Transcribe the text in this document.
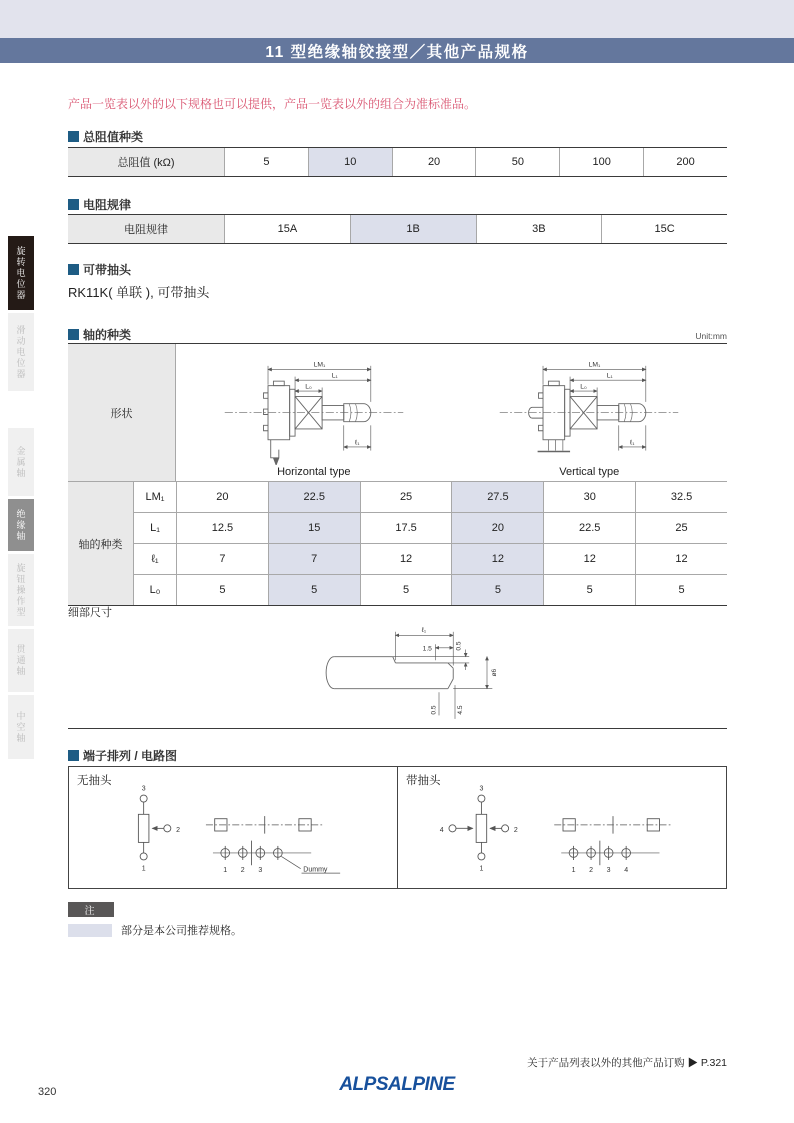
11 型绝缘轴铰接型／其他产品规格
产品一览表以外的以下规格也可以提供，产品一览表以外的组合为准标准品。
旋转电位器
滑动电位器
金属轴
绝缘轴
旋钮操作型
贯通轴
中空轴
总阻值种类
总阻值 (kΩ)	5	10	20	50	100	200
电阻规律
电阻规律	15A	1B	3B	15C
可带抽头
RK11K( 单联 ), 可带抽头
轴的种类	Unit:mm
形状
LM₁
L₁
L₀
ℓ₁
Horizontal type
LM₁
L₁
L₀
ℓ₁
Vertical type
轴的种类
LM₁	20	22.5	25	27.5	30	32.5
L₁	12.5	15	17.5	20	22.5	25
ℓ₁	7	7	12	12	12	12
L₀	5	5	5	5	5	5
细部尺寸
ℓ₁
1.5	0.5
ø6
0.5	4.5
端子排列 / 电路图
无抽头
3
1
2
1 2 3	Dummy
带抽头
3
1
2
4
1 2 3 4
注
部分是本公司推荐规格。
关于产品列表以外的其他产品订购 ▶ P.321
ALPSALPINE
320
